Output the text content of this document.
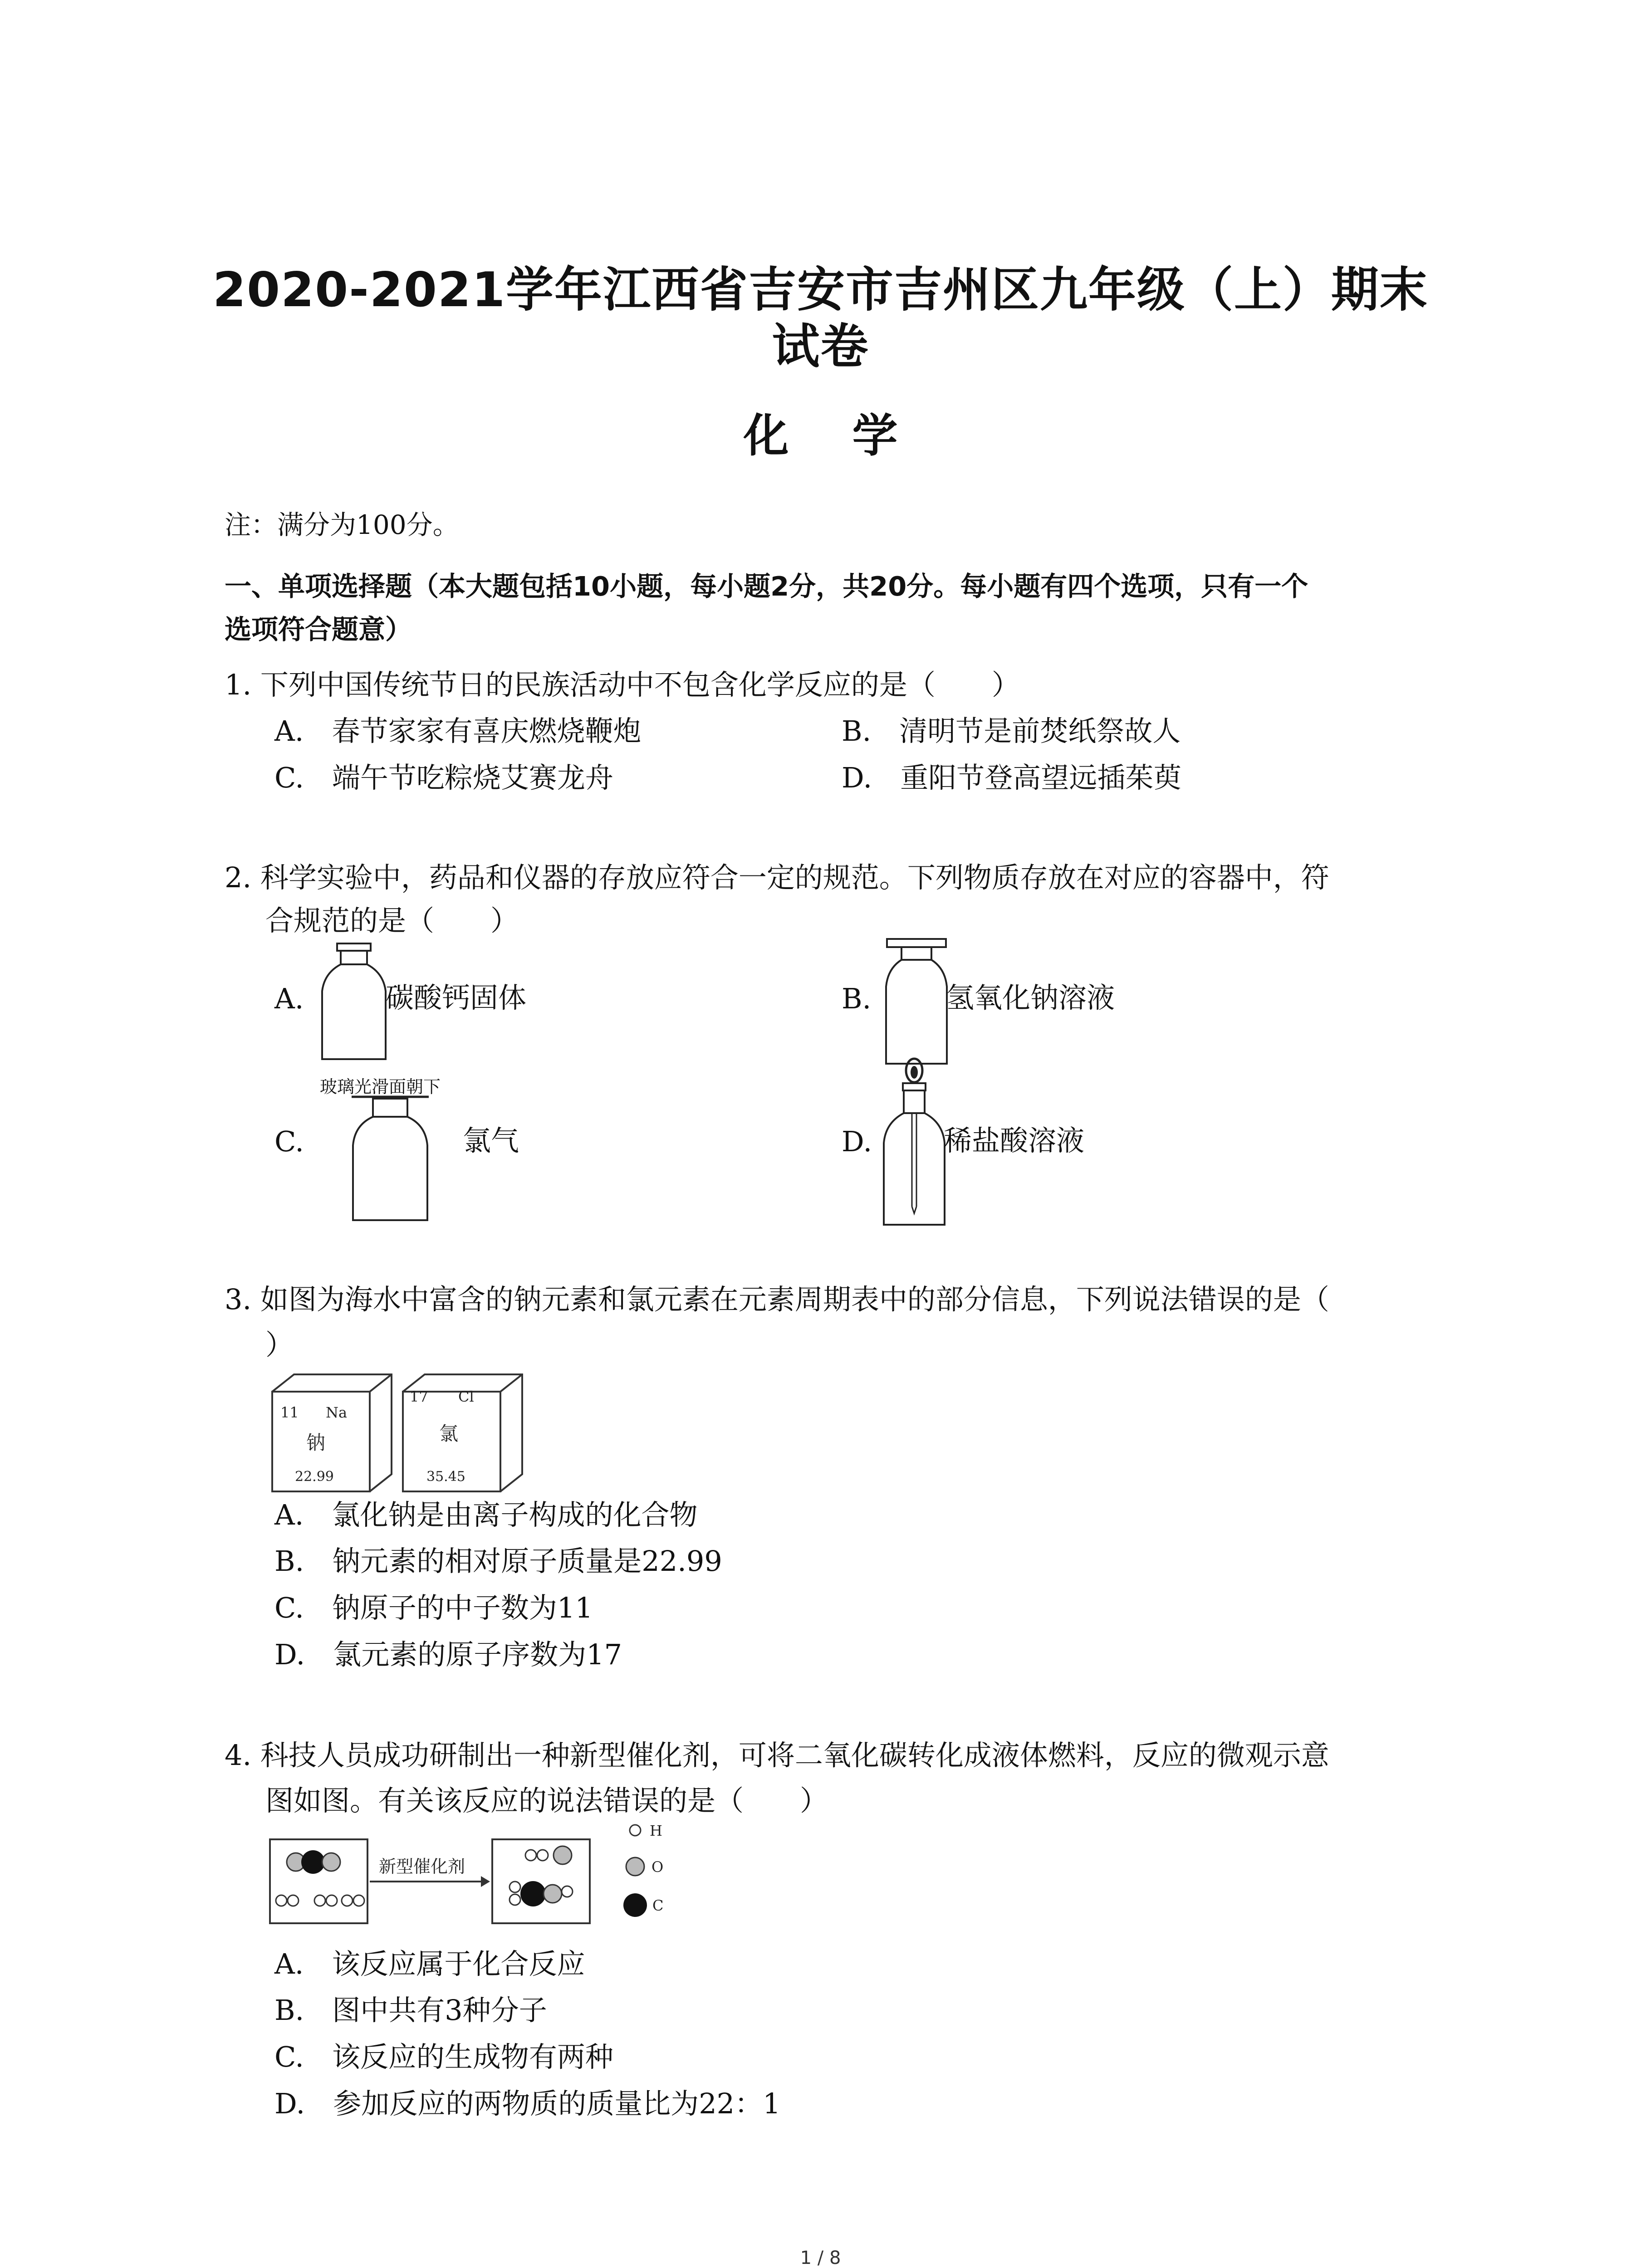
2020-2021学年江西省吉安市吉州区九年级（上）期末
试卷
化学
注：满分为100分。
一、单项选择题（本大题包括10小题，每小题2分，共20分。每小题有四个选项，只有一个
选项符合题意）
1. 下列中国传统节日的民族活动中不包含化学反应的是（　　）
A.　春节家家有喜庆燃烧鞭炮	B.　清明节是前焚纸祭故人
C.　端午节吃粽烧艾赛龙舟	D.　重阳节登高望远插茱萸
2. 科学实验中，药品和仪器的存放应符合一定的规范。下列物质存放在对应的容器中，符
合规范的是（　　）
A.	碳酸钙固体	B.	氢氧化钠溶液
玻璃光滑面朝下
C.	氯气	D.	稀盐酸溶液
3. 如图为海水中富含的钠元素和氯元素在元素周期表中的部分信息，下列说法错误的是（
）
11 Na
钠
22.99
17 Cl
氯
35.45
A.　氯化钠是由离子构成的化合物
B.　钠元素的相对原子质量是22.99
C.　钠原子的中子数为11
D.　氯元素的原子序数为17
4. 科技人员成功研制出一种新型催化剂，可将二氧化碳转化成液体燃料，反应的微观示意
图如图。有关该反应的说法错误的是（　　）
新型催化剂
H
O
C
A.　该反应属于化合反应
B.　图中共有3种分子
C.　该反应的生成物有两种
D.　参加反应的两物质的质量比为22：1
1 / 8
